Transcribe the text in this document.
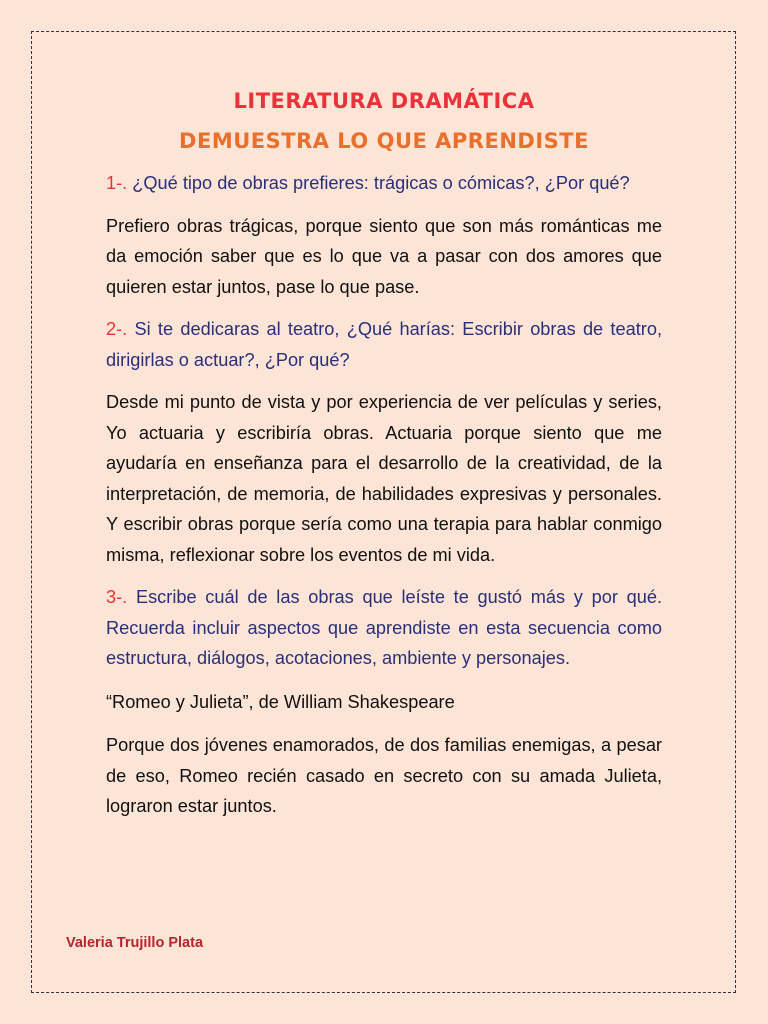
LITERATURA DRAMÁTICA
DEMUESTRA LO QUE APRENDISTE

1-. ¿Qué tipo de obras prefieres: trágicas o cómicas?, ¿Por qué?

Prefiero obras trágicas, porque siento que son más románticas me da emoción saber que es lo que va a pasar con dos amores que quieren estar juntos, pase lo que pase.

2-. Si te dedicaras al teatro, ¿Qué harías: Escribir obras de teatro, dirigirlas o actuar?, ¿Por qué?

Desde mi punto de vista y por experiencia de ver películas y series, Yo actuaria y escribiría obras. Actuaria porque siento que me ayudaría en enseñanza para el desarrollo de la creatividad, de la interpretación, de memoria, de habilidades expresivas y personales. Y escribir obras porque sería como una terapia para hablar conmigo misma, reflexionar sobre los eventos de mi vida.

3-. Escribe cuál de las obras que leíste te gustó más y por qué. Recuerda incluir aspectos que aprendiste en esta secuencia como estructura, diálogos, acotaciones, ambiente y personajes.

“Romeo y Julieta”, de William Shakespeare

Porque dos jóvenes enamorados, de dos familias enemigas, a pesar de eso, Romeo recién casado en secreto con su amada Julieta, lograron estar juntos.

Valeria Trujillo Plata
